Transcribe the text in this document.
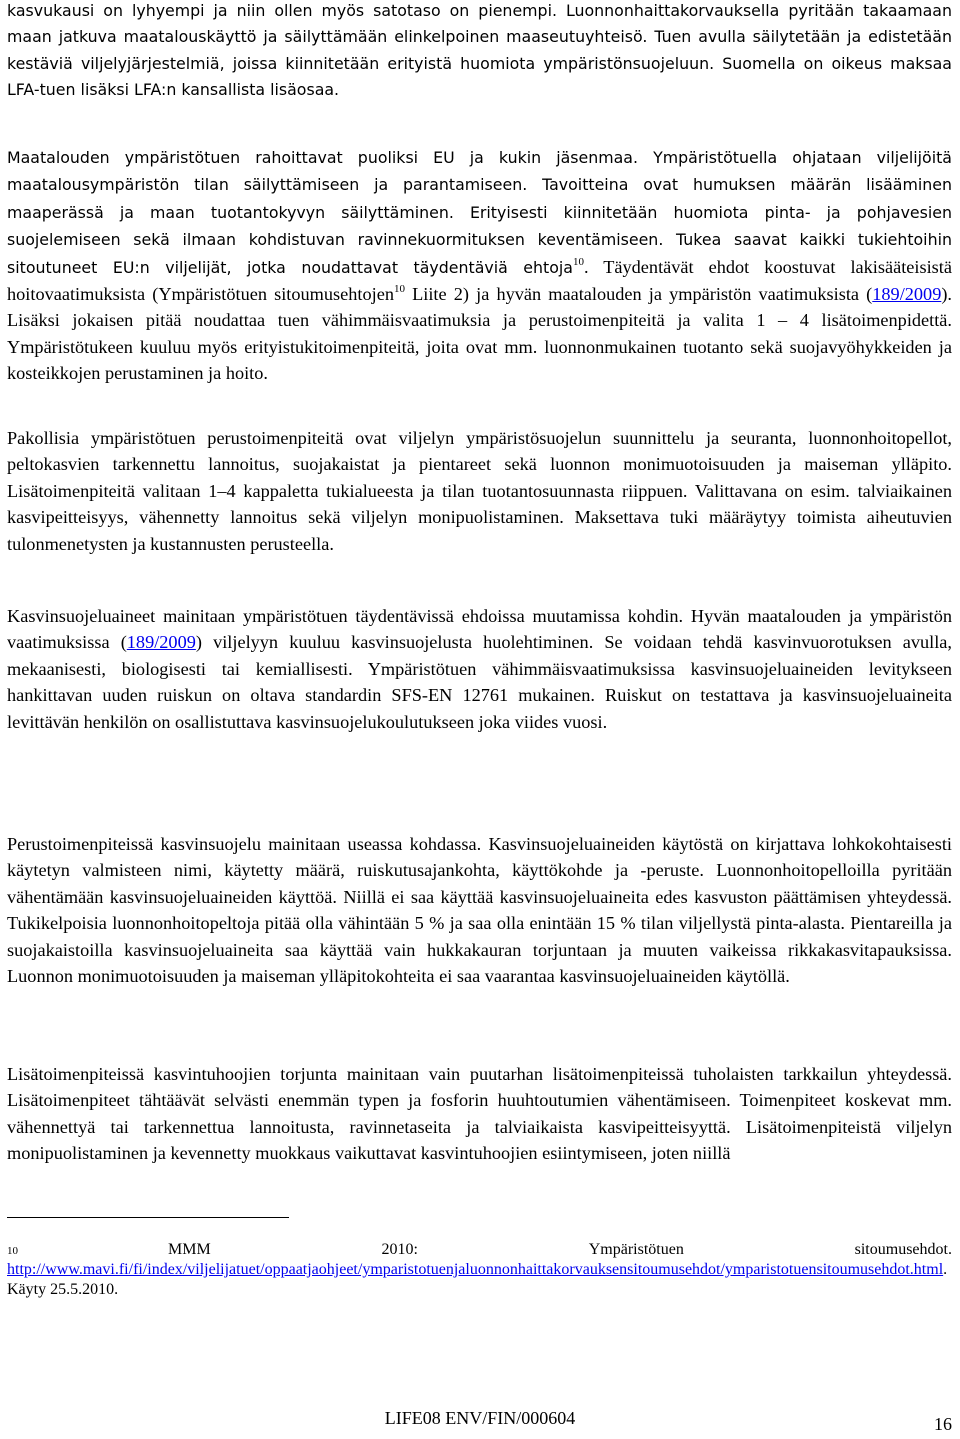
kasvukausi on lyhyempi ja niin ollen myös satotaso on pienempi. Luonnonhaittakorvauksella pyritään takaamaan maan jatkuva maatalouskäyttö ja säilyttämään elinkelpoinen maaseutuyhteisö. Tuen avulla säilytetään ja edistetään kestäviä viljelyjärjestelmiä, joissa kiinnitetään erityistä huomiota ympäristönsuojeluun. Suomella on oikeus maksaa LFA-tuen lisäksi LFA:n kansallista lisäosaa.

Maatalouden ympäristötuen rahoittavat puoliksi EU ja kukin jäsenmaa. Ympäristötuella ohjataan viljelijöitä maatalousympäristön tilan säilyttämiseen ja parantamiseen. Tavoitteina ovat humuksen määrän lisääminen maaperässä ja maan tuotantokyvyn säilyttäminen. Erityisesti kiinnitetään huomiota pinta- ja pohjavesien suojelemiseen sekä ilmaan kohdistuvan ravinnekuormituksen keventämiseen. Tukea saavat kaikki tukiehtoihin sitoutuneet EU:n viljelijät, jotka noudattavat täydentäviä ehtoja$^{10}$. Täydentävät ehdot koostuvat lakisääteisistä hoitovaatimuksista (Ympäristötuen sitoumusehtojen$^{10}$ Liite 2) ja hyvän maatalouden ja ympäristön vaatimuksista (189/2009). Lisäksi jokaisen pitää noudattaa tuen vähimmäisvaatimuksia ja perustoimenpiteitä ja valita 1 – 4 lisätoimenpidettä. Ympäristötukeen kuuluu myös erityistukitoimenpiteitä, joita ovat mm. luonnonmukainen tuotanto sekä suojavyöhykkeiden ja kosteikkojen perustaminen ja hoito.

Pakollisia ympäristötuen perustoimenpiteitä ovat viljelyn ympäristösuojelun suunnittelu ja seuranta, luonnonhoitopellot, peltokasvien tarkennettu lannoitus, suojakaistat ja pientareet sekä luonnon monimuotoisuuden ja maiseman ylläpito. Lisätoimenpiteitä valitaan 1–4 kappaletta tukialueesta ja tilan tuotantosuunnasta riippuen. Valittavana on esim. talviaikainen kasvipeitteisyys, vähennetty lannoitus sekä viljelyn monipuolistaminen. Maksettava tuki määräytyy toimista aiheutuvien tulonmenetysten ja kustannusten perusteella.

Kasvinsuojeluaineet mainitaan ympäristötuen täydentävissä ehdoissa muutamissa kohdin. Hyvän maatalouden ja ympäristön vaatimuksissa (189/2009) viljelyyn kuuluu kasvinsuojelusta huolehtiminen. Se voidaan tehdä kasvinvuorotuksen avulla, mekaanisesti, biologisesti tai kemiallisesti. Ympäristötuen vähimmäisvaatimuksissa kasvinsuojeluaineiden levitykseen hankittavan uuden ruiskun on oltava standardin SFS-EN 12761 mukainen. Ruiskut on testattava ja kasvinsuojeluaineita levittävän henkilön on osallistuttava kasvinsuojelukoulutukseen joka viides vuosi.

Perustoimenpiteissä kasvinsuojelu mainitaan useassa kohdassa. Kasvinsuojeluaineiden käytöstä on kirjattava lohkokohtaisesti käytetyn valmisteen nimi, käytetty määrä, ruiskutusajankohta, käyttökohde ja -peruste. Luonnonhoitopelloilla pyritään vähentämään kasvinsuojeluaineiden käyttöä. Niillä ei saa käyttää kasvinsuojeluaineita edes kasvuston päättämisen yhteydessä. Tukikelpoisia luonnonhoitopeltoja pitää olla vähintään 5 % ja saa olla enintään 15 % tilan viljellystä pinta-alasta. Pientareilla ja suojakaistoilla kasvinsuojeluaineita saa käyttää vain hukkakauran torjuntaan ja muuten vaikeissa rikkakasvitapauksissa. Luonnon monimuotoisuuden ja maiseman ylläpitokohteita ei saa vaarantaa kasvinsuojeluaineiden käytöllä.

Lisätoimenpiteissä kasvintuhoojien torjunta mainitaan vain puutarhan lisätoimenpiteissä tuholaisten tarkkailun yhteydessä. Lisätoimenpiteet tähtäävät selvästi enemmän typen ja fosforin huuhtoutumien vähentämiseen. Toimenpiteet koskevat mm. vähennettyä tai tarkennettua lannoitusta, ravinnetaseita ja talviaikaista kasvipeitteisyyttä. Lisätoimenpiteistä viljelyn monipuolistaminen ja kevennetty muokkaus vaikuttavat kasvintuhoojien esiintymiseen, joten niillä

10	MMM	2010:	Ympäristötuen	sitoumusehdot.
http://www.mavi.fi/fi/index/viljelijatuet/oppaatjaohjeet/ymparistotuenjaluonnonhaittakorvauksensitoumusehdot/ymparistotuensitoumusehdot.html. Käyty 25.5.2010.
LIFE08 ENV/FIN/000604	16
